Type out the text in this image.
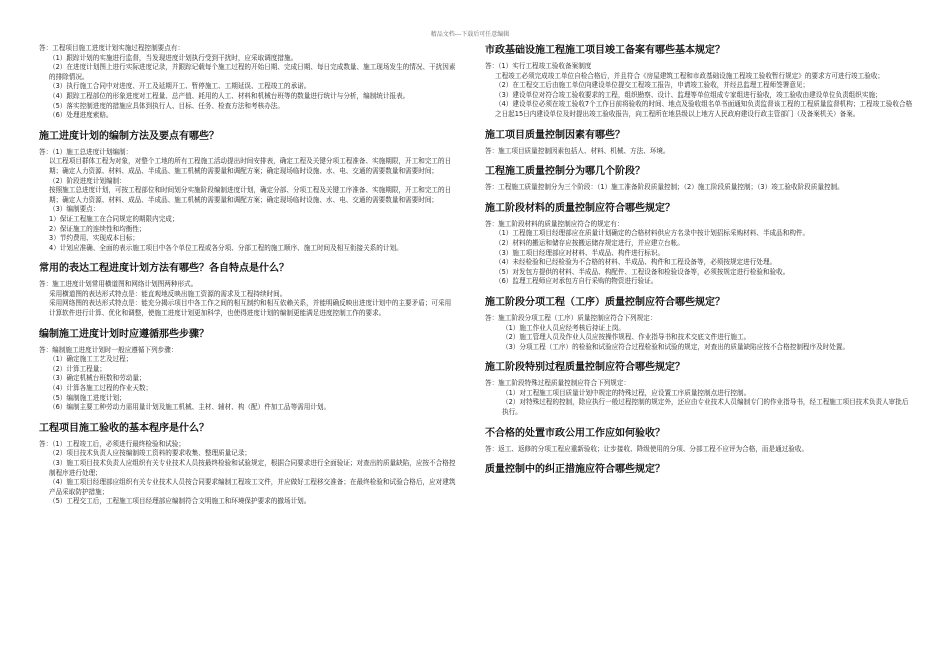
精品文档---下载后可任意编辑

答：工程项目施工进度计划实施过程控制要点有：

（1）跟踪计划的实施进行监督，当发现进度计划执行受到干扰时，应采取调度措施。

（2）在进度计划图上进行实际进度记录，并跟踪记载每个施工过程的开始日期、完成日期、每日完成数量、施工现场发生的情况、干扰因素的排除情况。

（3）执行施工合同中对进度、开工及延期开工、暂停施工、工期延误、工程竣工的承诺。

（4）跟踪工程部位的形象进度对工程量、总产值、耗用的人工、材料和机械台班等的数量进行统计与分析，编制统计报表。

（5）落实控制进度的措施应具体到执行人、目标、任务、检查方法和考核办法。

（6）处理进度索赔。

施工进度计划的编制方法及要点有哪些？

答：（1）施工总进度计划编制：

以工程项目群体工程为对象，对整个工地的所有工程施工活动提出时间安排表，确定工程及关键分项工程准备、实施期限，开工和完工的日期；确定人力资源、材料、成品、半成品、施工机械的需要量和调配方案；确定现场临时设施、水、电、交通的需要数量和需要时间；

（2）阶段进度计划编制：

按照施工总进度计划，可按工程部位和时间划分实施阶段编制进度计划，确定分部、分项工程及关键工序准备、实施期限，开工和完工的日期；确定人力资源、材料、成品、半成品、施工机械的需要量和调配方案；确定现场临时设施、水、电、交通的需要数量和需要时间；

（3）编制要点：

1）保证工程施工在合同规定的期限内完成；

2）保证施工的连续性和均衡性；

3）节约费用、实现成本目标；

4）计划应准确、全面的表示施工项目中各个单位工程或各分项、分部工程的施工顺序、施工时间及相互衔接关系的计划。

常用的表达工程进度计划方法有哪些？各自特点是什么？

答：施工进度计划常用横道图和网络计划图两种形式。

采用横道图的表达形式特点是：能直观地反映出施工资源的需求及工程持续时间。

采用网络图的表达形式特点是：能充分揭示项目中各工作之间的相互制约和相互依赖关系，并能明确反映出进度计划中的主要矛盾；可采用计算软件进行计算、优化和调整，使施工进度计划更加科学，也使得进度计划的编制更能满足进度控制工作的要求。

编制施工进度计划时应遵循那些步骤？

答：编制施工进度计划时一般应遵循下列步骤：

（1）确定施工工艺及过程；

（2）计算工程量；

（3）确定机械台班数和劳动量；

（4）计算各施工过程的作业天数；

（5）编制施工进度计划；

（6）编制主要工种劳动力需用量计划及施工机械、主材、辅材、构（配）件加工品等需用计划。

工程项目施工验收的基本程序是什么？

答：（1）工程竣工后，必须进行最终检验和试验；

（2）项目技术负责人应按编制竣工资料的要求收集、整理质量记录；

（3）施工项目技术负责人应组织有关专业技术人员按最终检验和试验规定，根据合同要求进行全面验证；对查出的质量缺陷，应按不合格控制程序进行处理；

（4）施工项目经理部应组织有关专业技术人员按合同要求编制工程竣工文件，并应做好工程移交准备；在最终检验和试验合格后，应对建筑产品采取防护措施；

（5）工程交工后，工程施工项目经理部应编制符合文明施工和环境保护要求的撤场计划。

市政基础设施工程施工项目竣工备案有哪些基本规定？

答：（1）实行工程竣工验收备案制度

工程竣工必须完成竣工单位自检合格后，并且符合《房屋建筑工程和市政基础设施工程竣工验收暂行规定》的要求方可进行竣工验收；

（2）在工程交工后由施工单位向建设单位提交工程竣工报告，申请竣工验收，并经总监理工程师签署意见；

（3）建设单位对符合竣工验收要求的工程，组织勘察、设计、监理等单位组成专家组进行验收，竣工验收由建设单位负责组织实施；

（4）建设单位必须在竣工验收7个工作日前将验收的时间、地点及验收组名单书面通知负责监督该工程的工程质量监督机构；工程竣工验收合格之日起15日内建设单位及时提出竣工验收报告，向工程所在地县级以上地方人民政府建设行政主管部门（及备案机关）备案。

施工项目质量控制因素有哪些？

答：施工项目质量控制因素包括人、材料、机械、方法、环境。

工程施工质量控制分为哪几个阶段？

答：工程施工质量控制分为三个阶段：（1）施工准备阶段质量控制；（2）施工阶段质量控制；（3）竣工验收阶段质量控制。

施工阶段材料的质量控制应符合哪些规定？

答：施工阶段材料的质量控制应符合的规定有：

（1）工程施工项目经理部应在质量计划确定的合格材料供应方名录中按计划招标采购材料、半成品和构件。

（2）材料的搬运和储存应按搬运储存规定进行，并应建立台帐。

（3）施工项目经理部应对材料、半成品、构件进行标识。

（4）未经检验和已经检验为不合格的材料、半成品、构件和工程设备等，必须按规定进行处理。

（5）对发包方提供的材料、半成品、构配件、工程设备和检验设备等，必须按规定进行检验和验收。

（6）监理工程师应对承包方自行采购的物资进行验证。

施工阶段分项工程（工序）质量控制应符合哪些规定？

答：施工阶段分项工程（工序）质量控制应符合下列规定：

（1）施工作业人员应经考核后持证上岗。

（2）施工管理人员及作业人员应按操作规程、作业指导书和技术交底文件进行施工。

（3）分项工程（工序）的检验和试验应符合过程检验和试验的规定，对查出的质量缺陷应按不合格控制程序及时处置。

施工阶段特别过程质量控制应符合哪些规定？

答：施工阶段特殊过程质量控制应符合下列规定：

（1）对工程施工项目质量计划中规定的特殊过程，应设置工序质量控制点进行控制。

（2）对特殊过程的控制，除应执行一般过程控制的规定外，还应由专业技术人员编制专门的作业指导书，经工程施工项目技术负责人审批后执行。

不合格的处置市政公用工作应如何验收？

答：返工、返修的分项工程应重新验收；让步接收、降级使用的分项、分部工程不应评为合格，而是通过验收。

质量控制中的纠正措施应符合哪些规定？
